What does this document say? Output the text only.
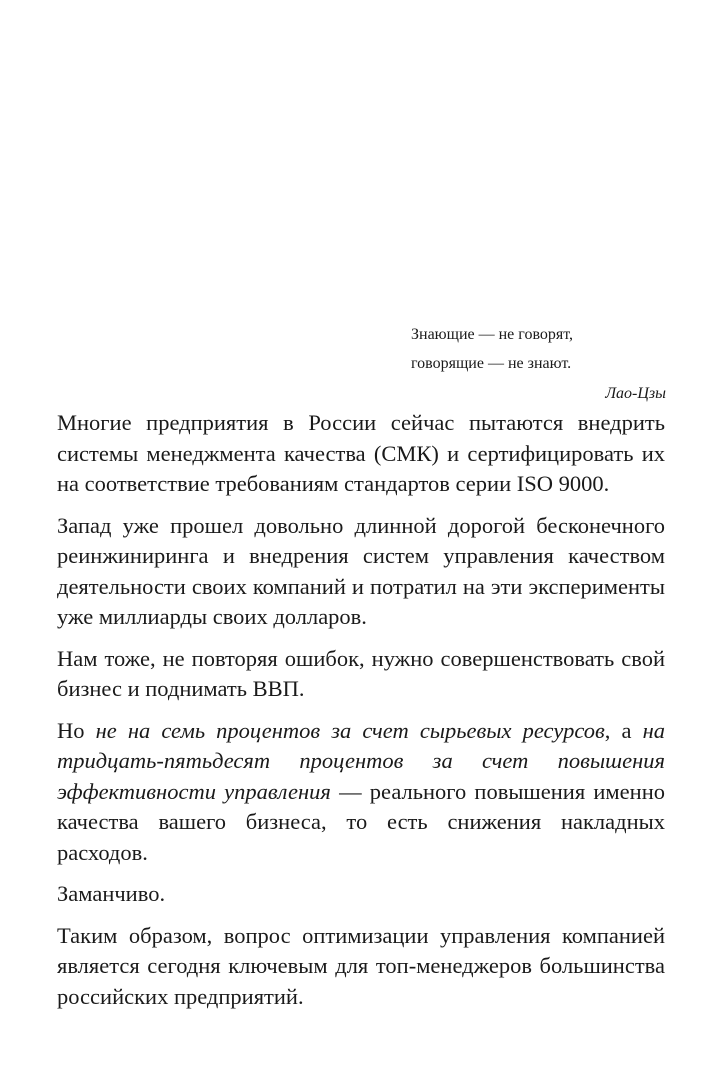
Знающие — не говорят,
говорящие — не знают.
Лао-Цзы

Многие предприятия в России сейчас пытаются внедрить системы менеджмента качества (СМК) и сертифицировать их на соответствие требованиям стандартов серии ISO 9000.

Запад уже прошел довольно длинной дорогой бесконечного реинжиниринга и внедрения систем управления качеством деятельности своих компаний и потратил на эти эксперименты уже миллиарды своих долларов.

Нам тоже, не повторяя ошибок, нужно совершенствовать свой бизнес и поднимать ВВП.

Но не на семь процентов за счет сырьевых ресурсов, а на тридцать-пятьдесят процентов за счет повышения эффективности управления — реального повышения именно качества вашего бизнеса, то есть снижения накладных расходов.

Заманчиво.

Таким образом, вопрос оптимизации управления компанией является сегодня ключевым для топ-менеджеров большинства российских предприятий.
